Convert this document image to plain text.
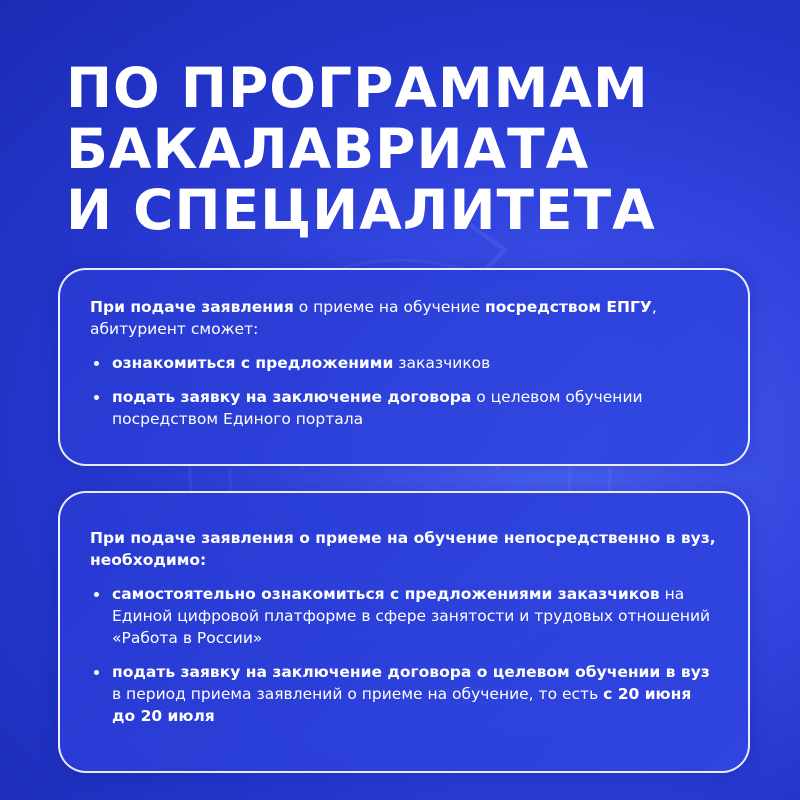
ПО ПРОГРАММАМ
БАКАЛАВРИАТА
И СПЕЦИАЛИТЕТА

При подаче заявления о приеме на обучение посредством ЕПГУ, абитуриент сможет:

ознакомиться с предложеними заказчиков
подать заявку на заключение договора о целевом обучении посредством Единого портала

При подаче заявления о приеме на обучение непосредственно в вуз, необходимо:

самостоятельно ознакомиться с предложениями заказчиков на Единой цифровой платформе в сфере занятости и трудовых отношений «Работа в России»
подать заявку на заключение договора о целевом обучении в вуз в период приема заявлений о приеме на обучение, то есть с 20 июня до 20 июля
